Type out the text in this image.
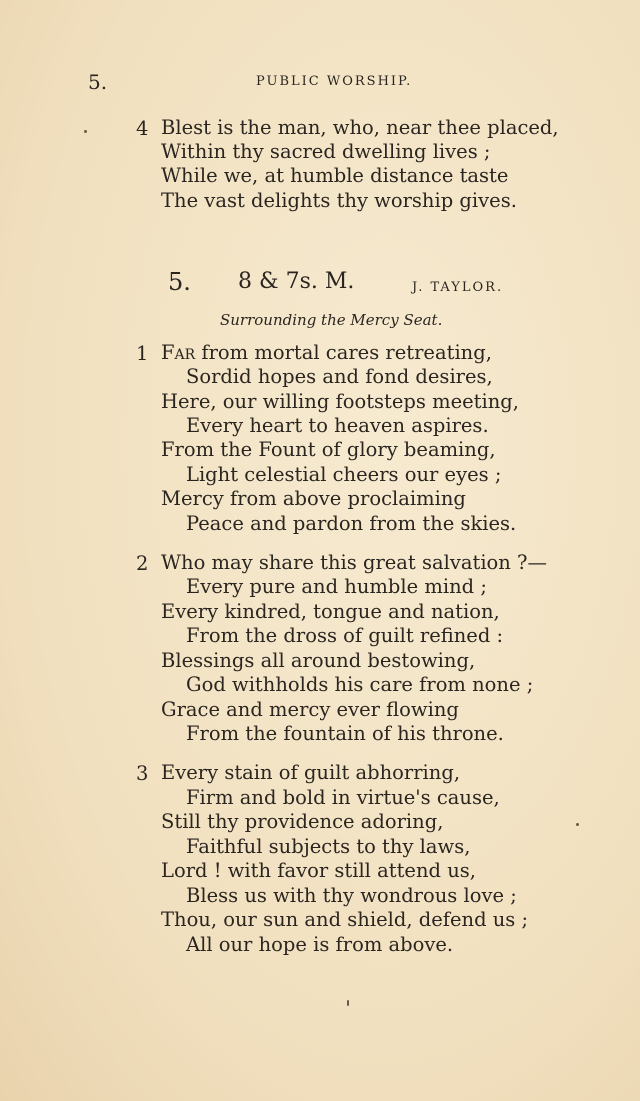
5.	PUBLIC WORSHIP.
4 Blest is the man, who, near thee placed,
Within thy sacred dwelling lives ;
While we, at humble distance taste
The vast delights thy worship gives.
5. 8 & 7s. M.	J. TAYLOR.
Surrounding the Mercy Seat.
1 Far from mortal cares retreating,
Sordid hopes and fond desires,
Here, our willing footsteps meeting,
Every heart to heaven aspires.
From the Fount of glory beaming,
Light celestial cheers our eyes ;
Mercy from above proclaiming
Peace and pardon from the skies.
2 Who may share this great salvation ?—
Every pure and humble mind ;
Every kindred, tongue and nation,
From the dross of guilt refined :
Blessings all around bestowing,
God withholds his care from none ;
Grace and mercy ever flowing
From the fountain of his throne.
3 Every stain of guilt abhorring,
Firm and bold in virtue's cause,
Still thy providence adoring,
Faithful subjects to thy laws,
Lord ! with favor still attend us,
Bless us with thy wondrous love ;
Thou, our sun and shield, defend us ;
All our hope is from above.
